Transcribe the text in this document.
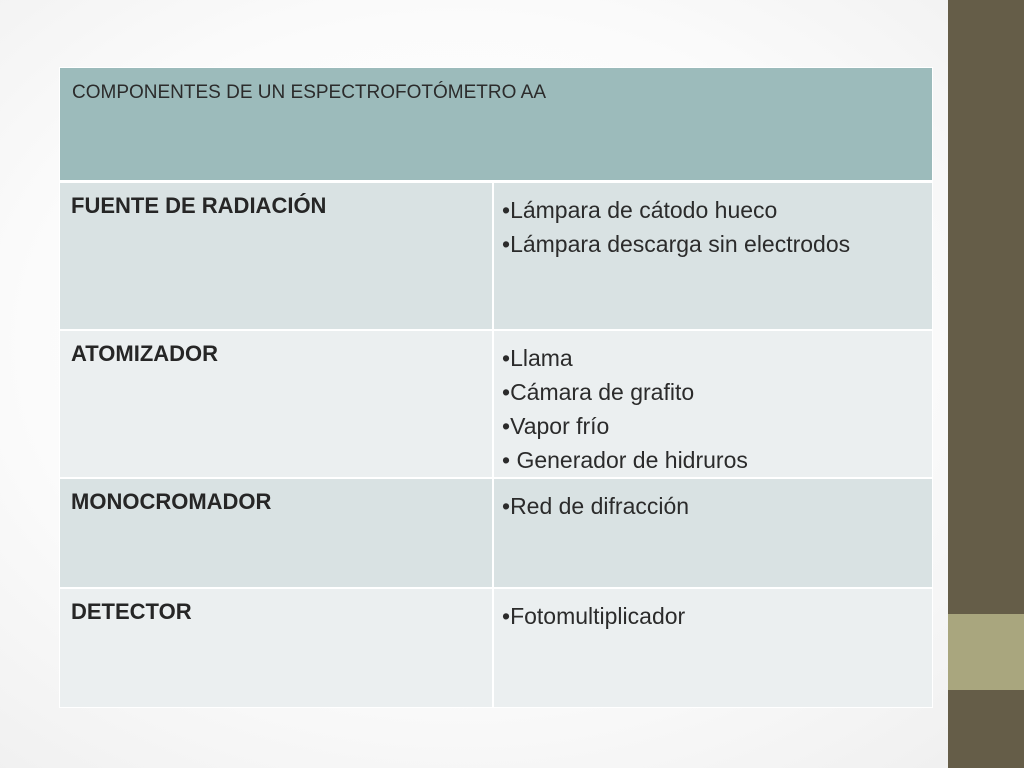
COMPONENTES DE UN ESPECTROFOTÓMETRO AA
FUENTE DE RADIACIÓN	•Lámpara de cátodo hueco
•Lámpara descarga sin electrodos
ATOMIZADOR	•Llama
•Cámara de grafito
•Vapor frío
• Generador de hidruros
MONOCROMADOR	•Red de difracción
DETECTOR	•Fotomultiplicador
